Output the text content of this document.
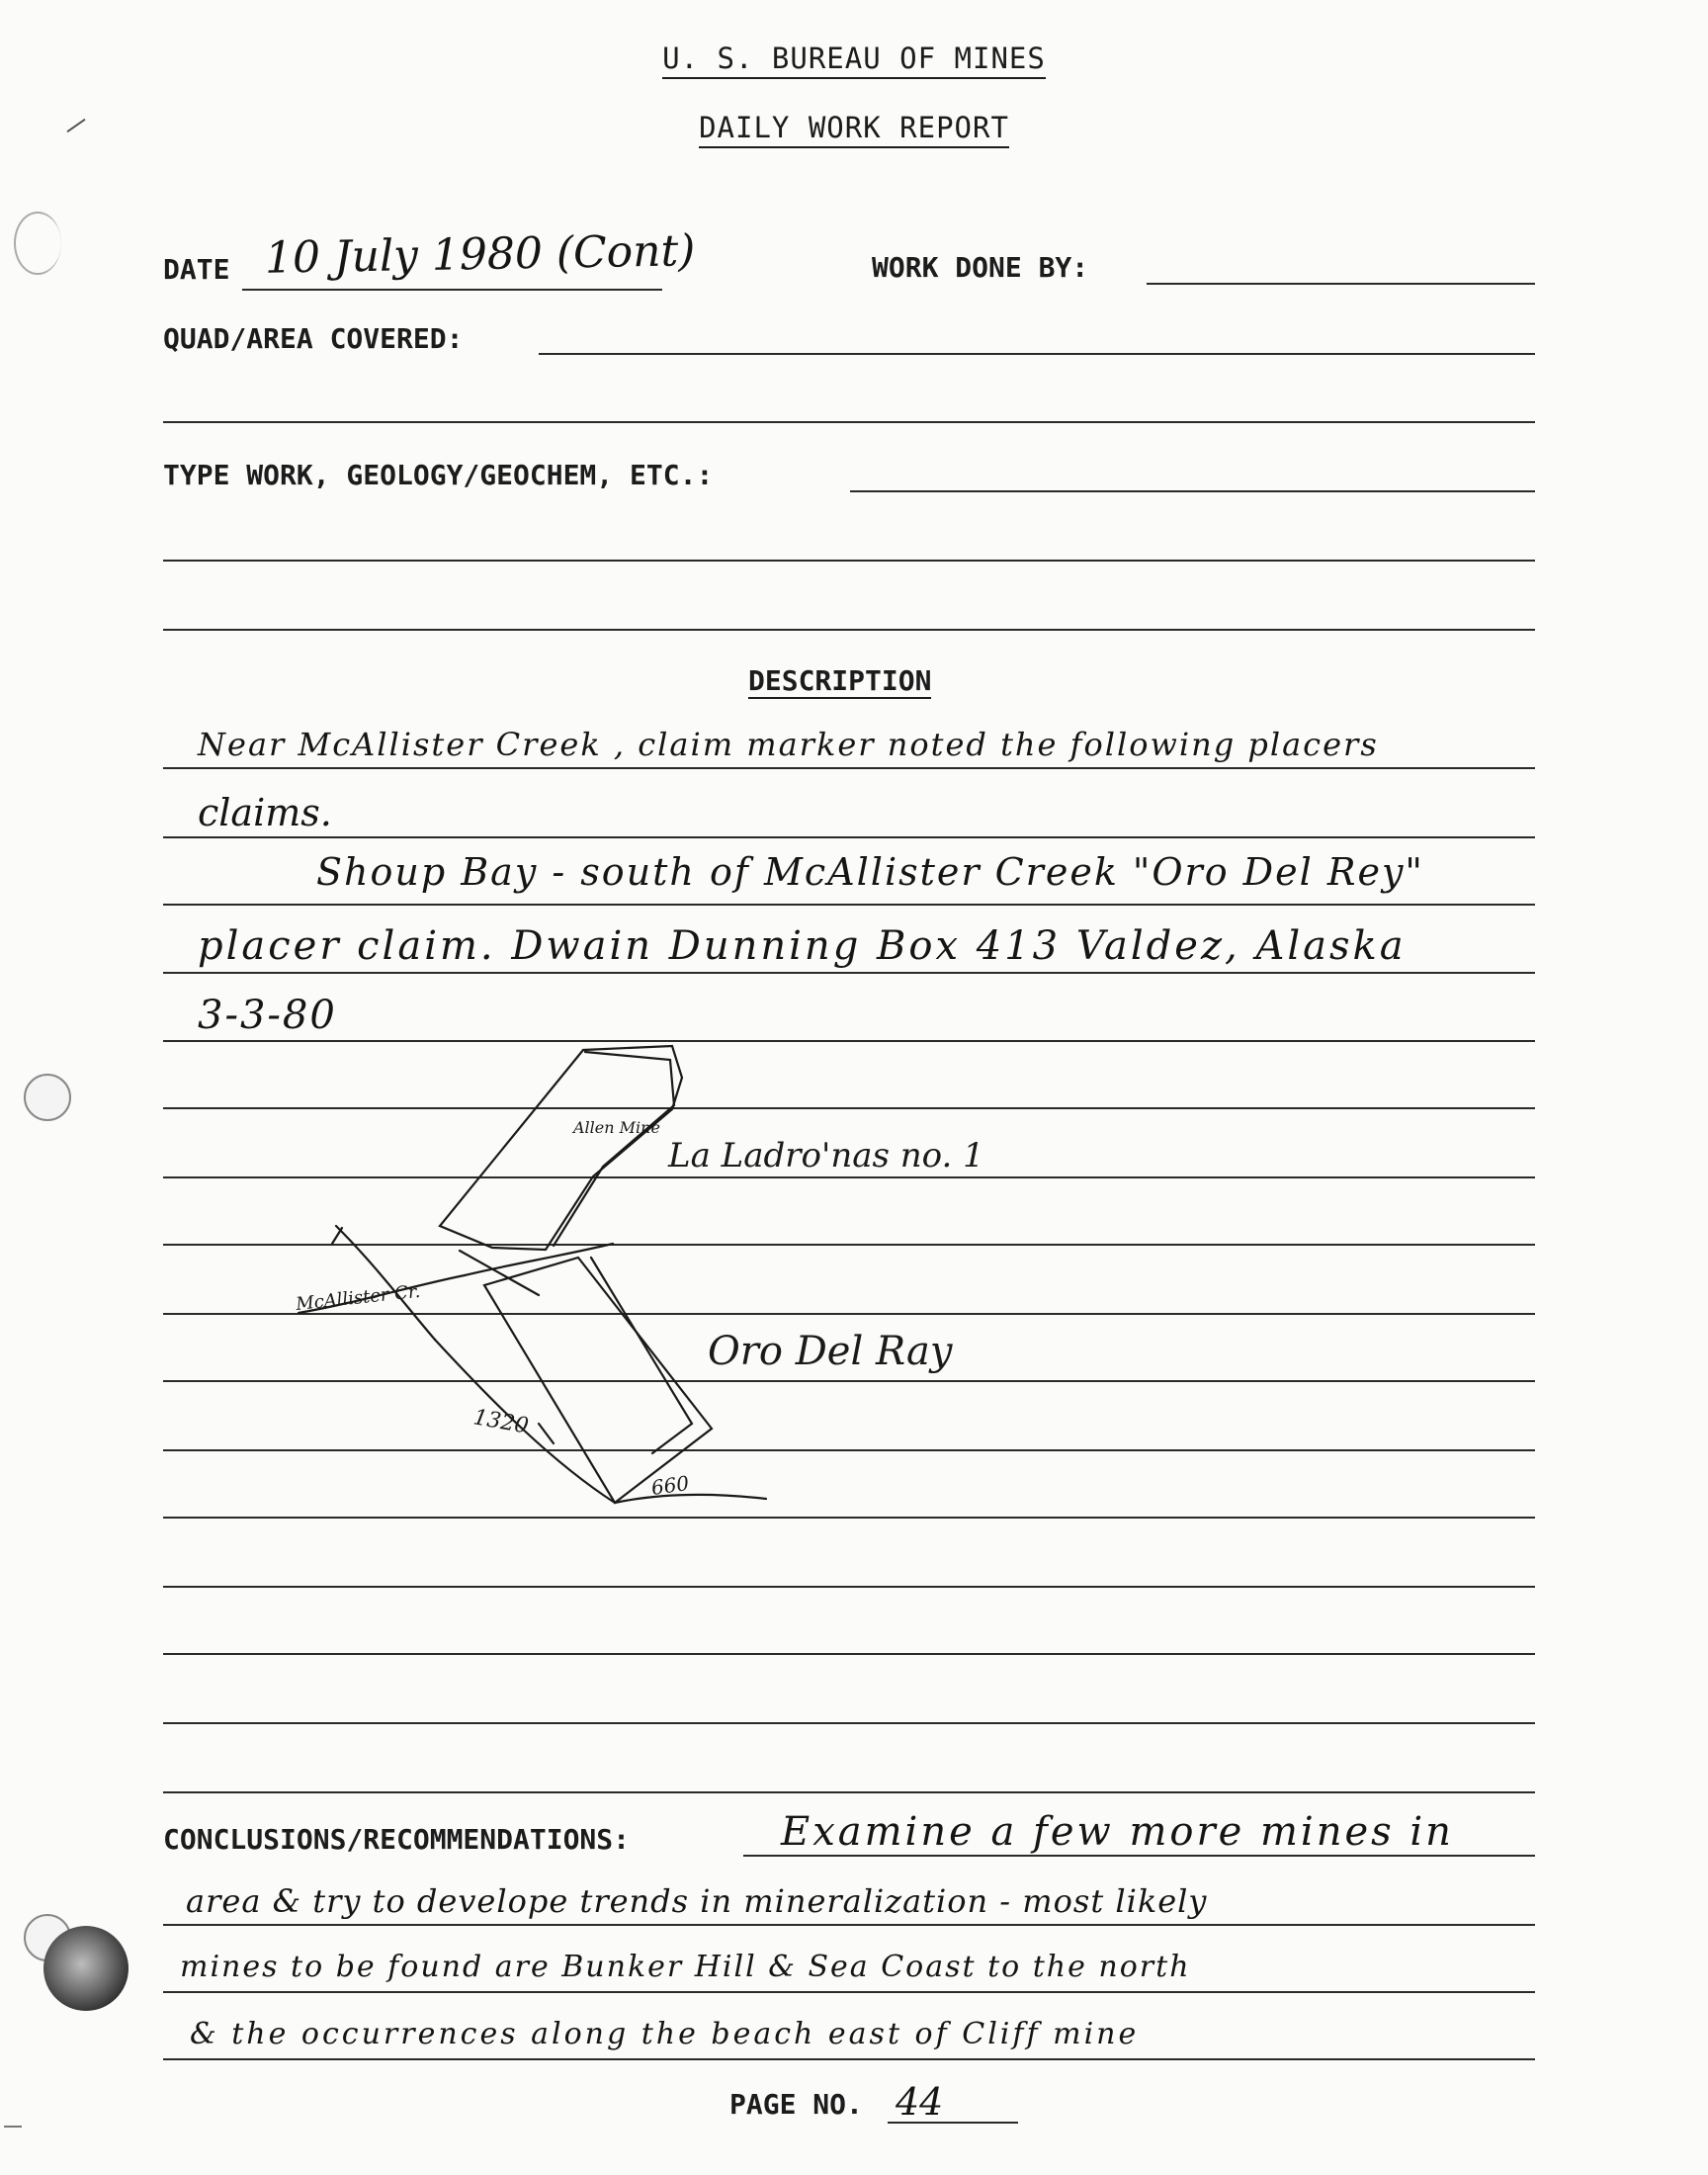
U. S. BUREAU OF MINES
DAILY WORK REPORT
DATE 10 July 1980 (Cont)	WORK DONE BY:
QUAD/AREA COVERED:
TYPE WORK, GEOLOGY/GEOCHEM, ETC.:
DESCRIPTION
Near McAllister Creek , claim marker noted the following placers
claims.
Shoup Bay - south of McAllister Creek "Oro Del Rey"
placer claim. Dwain Dunning Box 413 Valdez, Alaska
3-3-80
Allen Mine
McAllister Cr.
La Ladro'nas no. 1
Oro Del Ray
1320
660
CONCLUSIONS/RECOMMENDATIONS:	Examine a few more mines in
area & try to develope trends in mineralization - most likely
mines to be found are Bunker Hill & Sea Coast to the north
& the occurrences along the beach east of Cliff mine
PAGE NO. 44
